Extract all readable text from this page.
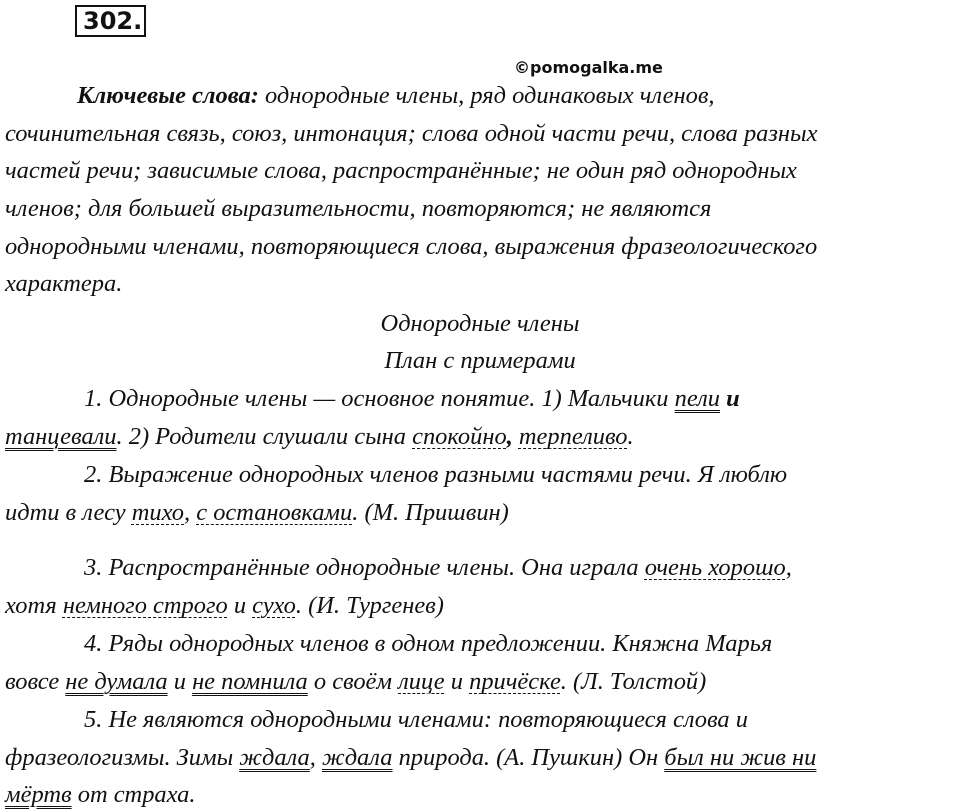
302.
©pomogalka.me
Ключевые слова: однородные члены, ряд одинаковых членов,
сочинительная связь, союз, интонация; слова одной части речи, слова разных
частей речи; зависимые слова, распространённые; не один ряд однородных
членов; для большей выразительности, повторяются; не являются
однородными членами, повторяющиеся слова, выражения фразеологического
характера.
Однородные члены
План с примерами
1. Однородные члены — основное понятие. 1) Мальчики пели и
танцевали. 2) Родители слушали сына спокойно, терпеливо.
2. Выражение однородных членов разными частями речи. Я люблю
идти в лесу тихо, с остановками. (М. Пришвин)
3. Распространённые однородные члены. Она играла очень хорошо,
хотя немного строго и сухо. (И. Тургенев)
4. Ряды однородных членов в одном предложении. Княжна Марья
вовсе не думала и не помнила о своём лице и причёске. (Л. Толстой)
5. Не являются однородными членами: повторяющиеся слова и
фразеологизмы. Зимы ждала, ждала природа. (А. Пушкин) Он был ни жив ни
мёртв от страха.
